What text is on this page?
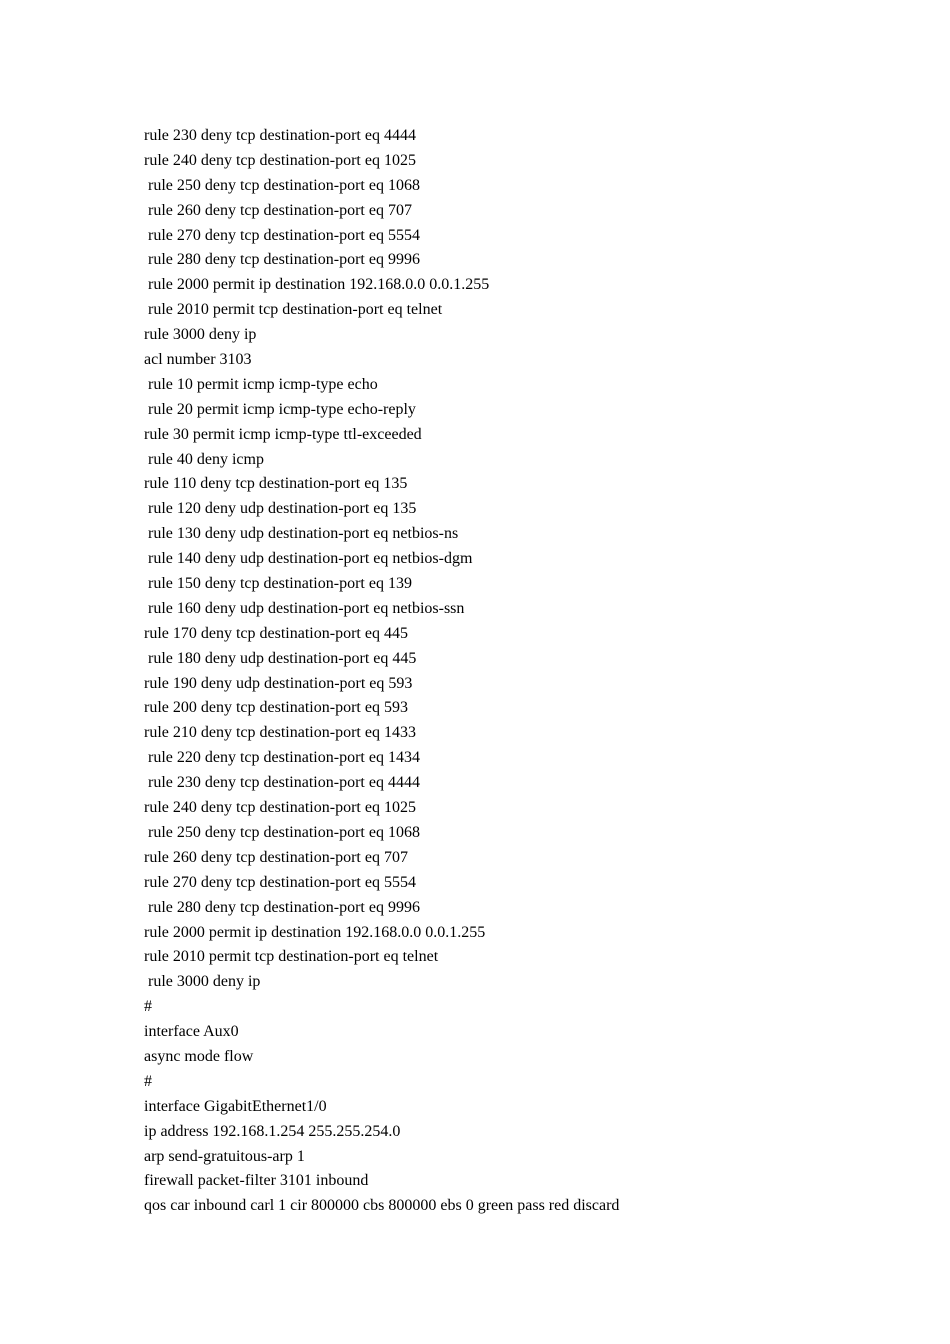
rule 230 deny tcp destination-port eq 4444
rule 240 deny tcp destination-port eq 1025
rule 250 deny tcp destination-port eq 1068
rule 260 deny tcp destination-port eq 707
rule 270 deny tcp destination-port eq 5554
rule 280 deny tcp destination-port eq 9996
rule 2000 permit ip destination 192.168.0.0 0.0.1.255
rule 2010 permit tcp destination-port eq telnet
rule 3000 deny ip
acl number 3103
rule 10 permit icmp icmp-type echo
rule 20 permit icmp icmp-type echo-reply
rule 30 permit icmp icmp-type ttl-exceeded
rule 40 deny icmp
rule 110 deny tcp destination-port eq 135
rule 120 deny udp destination-port eq 135
rule 130 deny udp destination-port eq netbios-ns
rule 140 deny udp destination-port eq netbios-dgm
rule 150 deny tcp destination-port eq 139
rule 160 deny udp destination-port eq netbios-ssn
rule 170 deny tcp destination-port eq 445
rule 180 deny udp destination-port eq 445
rule 190 deny udp destination-port eq 593
rule 200 deny tcp destination-port eq 593
rule 210 deny tcp destination-port eq 1433
rule 220 deny tcp destination-port eq 1434
rule 230 deny tcp destination-port eq 4444
rule 240 deny tcp destination-port eq 1025
rule 250 deny tcp destination-port eq 1068
rule 260 deny tcp destination-port eq 707
rule 270 deny tcp destination-port eq 5554
rule 280 deny tcp destination-port eq 9996
rule 2000 permit ip destination 192.168.0.0 0.0.1.255
rule 2010 permit tcp destination-port eq telnet
rule 3000 deny ip
#
interface Aux0
async mode flow
#
interface GigabitEthernet1/0
ip address 192.168.1.254 255.255.254.0
arp send-gratuitous-arp 1
firewall packet-filter 3101 inbound
qos car inbound carl 1 cir 800000 cbs 800000 ebs 0 green pass red discard
